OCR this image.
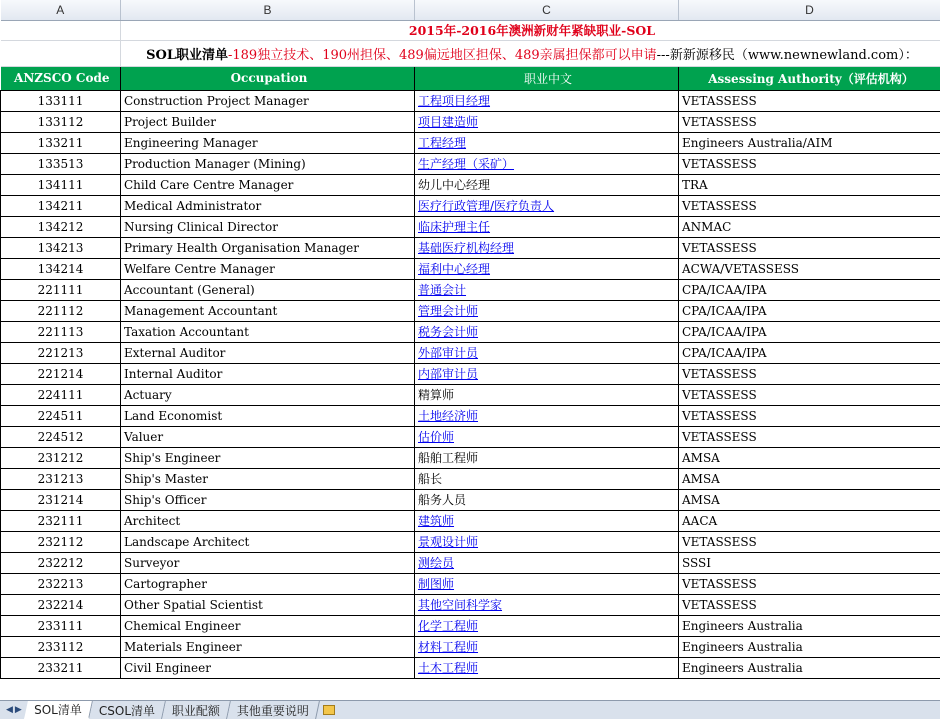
A	B	C	D
	2015年-2016年澳洲新财年紧缺职业-SOL		
	SOL职业清单-189独立技术、190州担保、489偏远地区担保、489亲属担保都可以申请---新新源移民（www.newnewland.com）：		
ANZSCO Code	Occupation	职业中文	Assessing Authority（评估机构）
133111	Construction Project Manager	工程项目经理	VETASSESS
133112	Project Builder	项目建造师	VETASSESS
133211	Engineering Manager	工程经理	Engineers Australia/AIM
133513	Production Manager (Mining)	生产经理（采矿）	VETASSESS
134111	Child Care Centre Manager	幼儿中心经理	TRA
134211	Medical Administrator	医疗行政管理/医疗负责人	VETASSESS
134212	Nursing Clinical Director	临床护理主任	ANMAC
134213	Primary Health Organisation Manager	基础医疗机构经理	VETASSESS
134214	Welfare Centre Manager	福利中心经理	ACWA/VETASSESS
221111	Accountant (General)	普通会计	CPA/ICAA/IPA
221112	Management Accountant	管理会计师	CPA/ICAA/IPA
221113	Taxation Accountant	税务会计师	CPA/ICAA/IPA
221213	External Auditor	外部审计员	CPA/ICAA/IPA
221214	Internal Auditor	内部审计员	VETASSESS
224111	Actuary	精算师	VETASSESS
224511	Land Economist	土地经济师	VETASSESS
224512	Valuer	估价师	VETASSESS
231212	Ship's Engineer	船舶工程师	AMSA
231213	Ship's Master	船长	AMSA
231214	Ship's Officer	船务人员	AMSA
232111	Architect	建筑师	AACA
232112	Landscape Architect	景观设计师	VETASSESS
232212	Surveyor	测绘员	SSSI
232213	Cartographer	制图师	VETASSESS
232214	Other Spatial Scientist	其他空间科学家	VETASSESS
233111	Chemical Engineer	化学工程师	Engineers Australia
233112	Materials Engineer	材料工程师	Engineers Australia
233211	Civil Engineer	土木工程师	Engineers Australia
◀ ▶ SOL清单 CSOL清单 职业配额 其他重要说明
